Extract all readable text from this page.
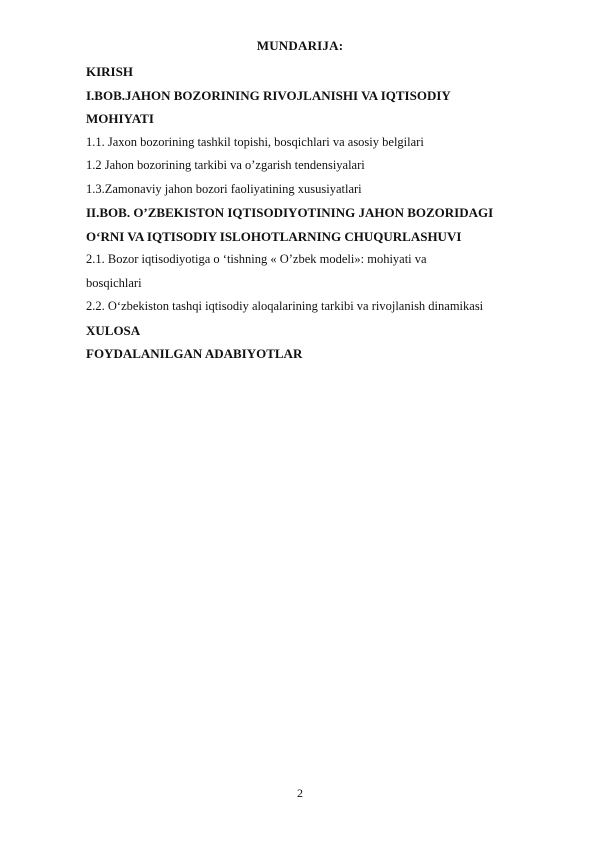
MUNDARIJA:
KIRISH
I.BOB.JAHON BOZORINING RIVOJLANISHI VA IQTISODIY
MOHIYATI
1.1. Jaxon bozorining tashkil topishi, bosqichlari va asosiy belgilari
1.2 Jahon bozorining tarkibi va o’zgarish tendensiyalari
1.3.Zamonaviy jahon bozori faoliyatining xususiyatlari
II.BOB. O’ZBEKISTON IQTISODIYOTINING JAHON BOZORIDAGI
O‘RNI VA IQTISODIY ISLOHOTLARNING CHUQURLASHUVI
2.1. Bozor iqtisodiyotiga o ‘tishning « O’zbek modeli»: mohiyati va
bosqichlari
2.2. O‘zbekiston tashqi iqtisodiy aloqalarining tarkibi va rivojlanish dinamikasi
XULOSA
FOYDALANILGAN ADABIYOTLAR
2
